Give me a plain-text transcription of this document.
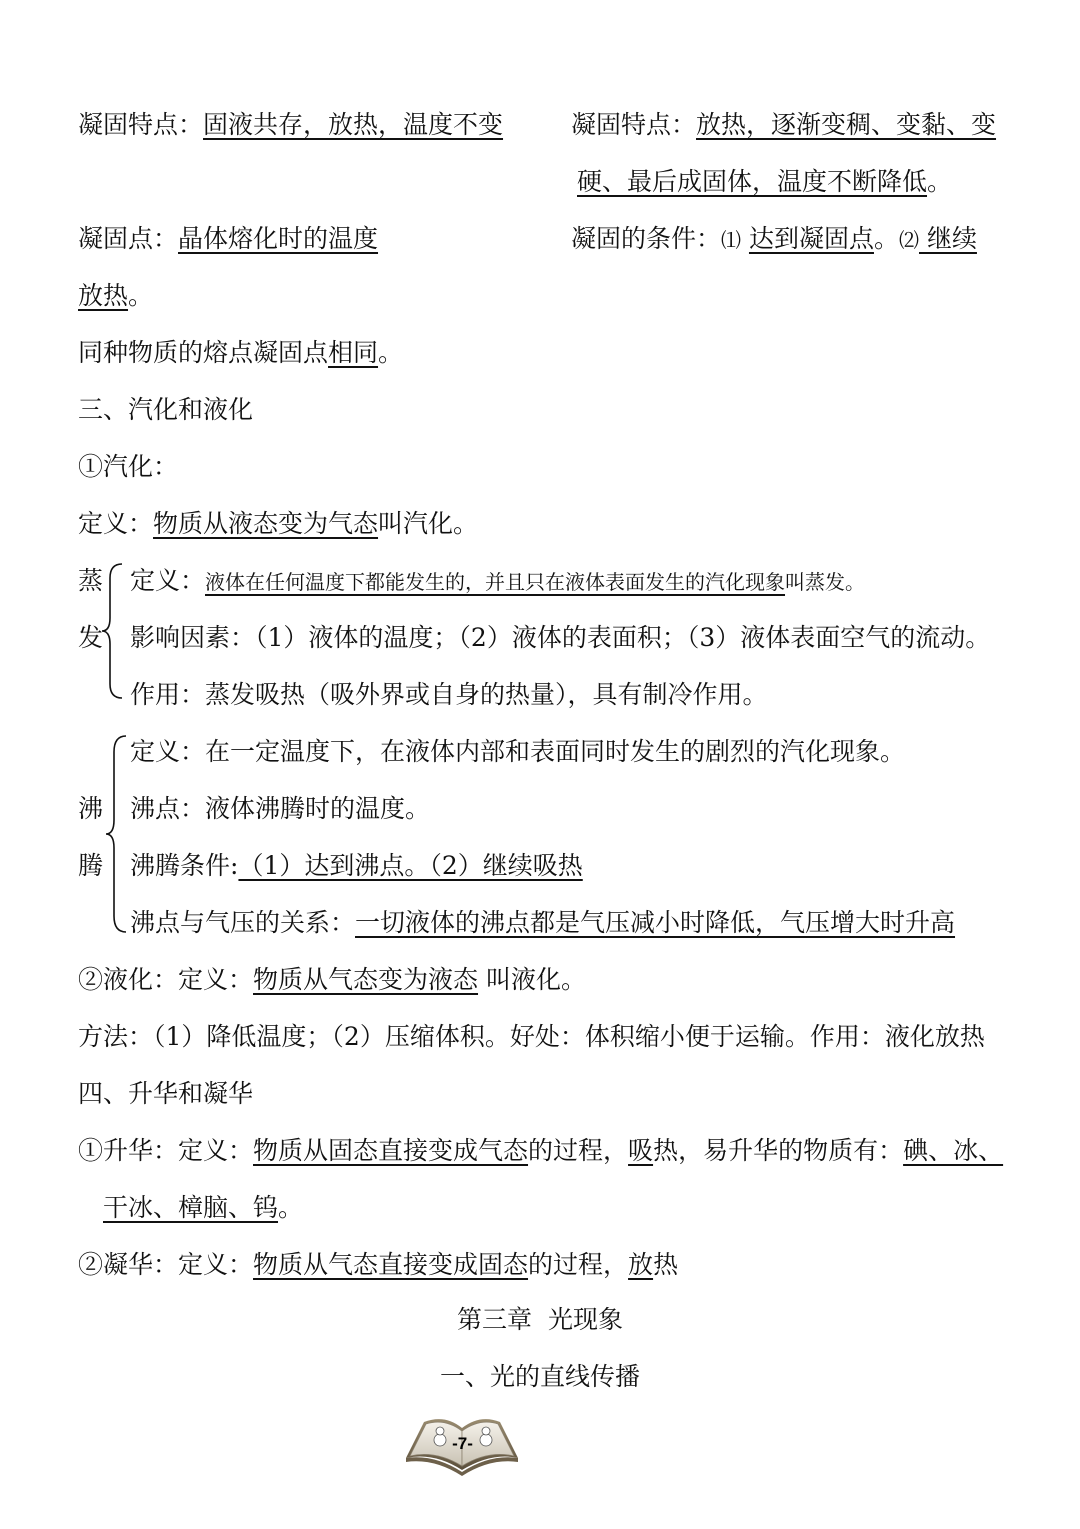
凝固特点：固液共存，放热，温度不变	凝固特点：放热，逐渐变稠、变黏、变
硬、最后成固体，温度不断降低。
凝固点：晶体熔化时的温度	凝固的条件：⑴ 达到凝固点。⑵ 继续
放热。
同种物质的熔点凝固点相同。
三、汽化和液化
①汽化：
定义：物质从液态变为气态叫汽化。
蒸
发
定义：液体在任何温度下都能发生的，并且只在液体表面发生的汽化现象叫蒸发。
影响因素：（1）液体的温度；（2）液体的表面积；（3）液体表面空气的流动。
作用：蒸发吸热（吸外界或自身的热量），具有制冷作用。
沸
腾
定义：在一定温度下，在液体内部和表面同时发生的剧烈的汽化现象。
沸点：液体沸腾时的温度。
沸腾条件:（1）达到沸点。（2）继续吸热
沸点与气压的关系：一切液体的沸点都是气压减小时降低，气压增大时升高
②液化：定义：物质从气态变为液态 叫液化。
方法：（1）降低温度；（2）压缩体积。好处：体积缩小便于运输。作用：液化放热
四、升华和凝华
①升华：定义：物质从固态直接变成气态的过程，吸热，易升华的物质有：碘、冰、
干冰、樟脑、钨。
②凝华：定义：物质从气态直接变成固态的过程，放热
第三章  光现象
一、光的直线传播
-7-
